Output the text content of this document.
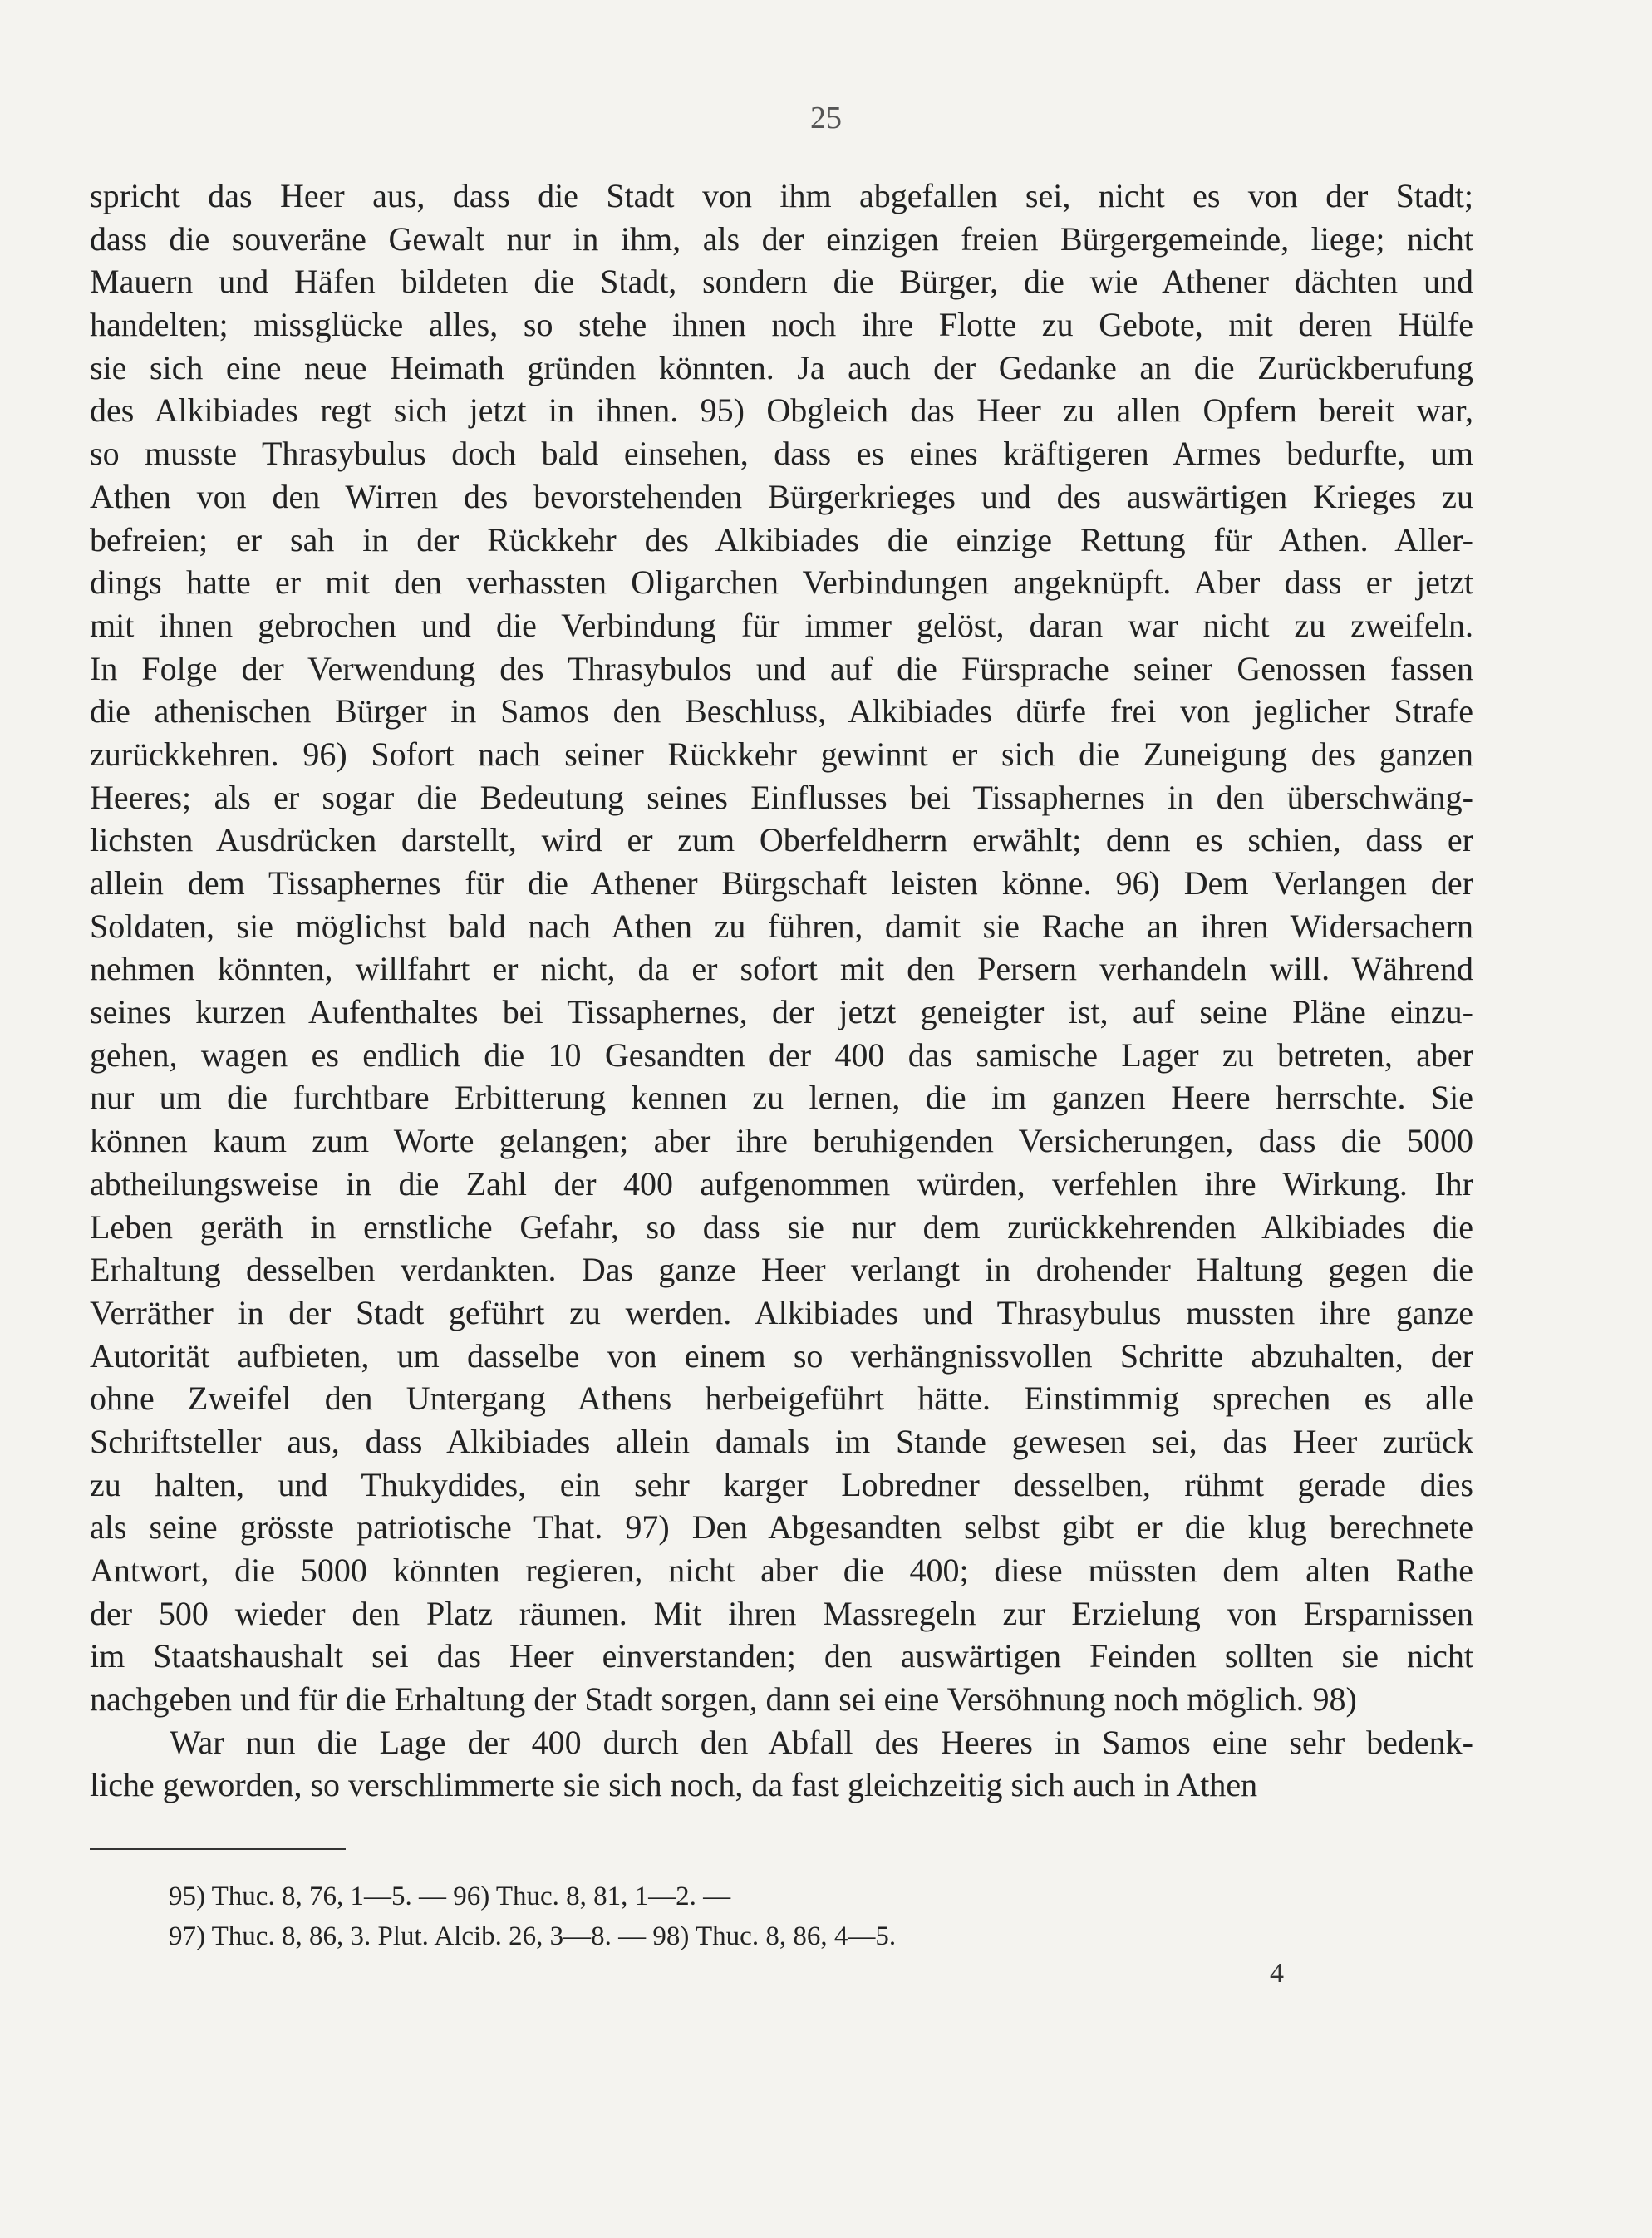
25
spricht das Heer aus, dass die Stadt von ihm abgefallen sei, nicht es von der Stadt;
dass die souveräne Gewalt nur in ihm, als der einzigen freien Bürgergemeinde, liege; nicht
Mauern und Häfen bildeten die Stadt, sondern die Bürger, die wie Athener dächten und
handelten; missglücke alles, so stehe ihnen noch ihre Flotte zu Gebote, mit deren Hülfe
sie sich eine neue Heimath gründen könnten. Ja auch der Gedanke an die Zurückberufung
des Alkibiades regt sich jetzt in ihnen. 95) Obgleich das Heer zu allen Opfern bereit war,
so musste Thrasybulus doch bald einsehen, dass es eines kräftigeren Armes bedurfte, um
Athen von den Wirren des bevorstehenden Bürgerkrieges und des auswärtigen Krieges zu
befreien; er sah in der Rückkehr des Alkibiades die einzige Rettung für Athen. Aller-
dings hatte er mit den verhassten Oligarchen Verbindungen angeknüpft. Aber dass er jetzt
mit ihnen gebrochen und die Verbindung für immer gelöst, daran war nicht zu zweifeln.
In Folge der Verwendung des Thrasybulos und auf die Fürsprache seiner Genossen fassen
die athenischen Bürger in Samos den Beschluss, Alkibiades dürfe frei von jeglicher Strafe
zurückkehren. 96) Sofort nach seiner Rückkehr gewinnt er sich die Zuneigung des ganzen
Heeres; als er sogar die Bedeutung seines Einflusses bei Tissaphernes in den überschwäng-
lichsten Ausdrücken darstellt, wird er zum Oberfeldherrn erwählt; denn es schien, dass er
allein dem Tissaphernes für die Athener Bürgschaft leisten könne. 96) Dem Verlangen der
Soldaten, sie möglichst bald nach Athen zu führen, damit sie Rache an ihren Widersachern
nehmen könnten, willfahrt er nicht, da er sofort mit den Persern verhandeln will. Während
seines kurzen Aufenthaltes bei Tissaphernes, der jetzt geneigter ist, auf seine Pläne einzu-
gehen, wagen es endlich die 10 Gesandten der 400 das samische Lager zu betreten, aber
nur um die furchtbare Erbitterung kennen zu lernen, die im ganzen Heere herrschte. Sie
können kaum zum Worte gelangen; aber ihre beruhigenden Versicherungen, dass die 5000
abtheilungsweise in die Zahl der 400 aufgenommen würden, verfehlen ihre Wirkung. Ihr
Leben geräth in ernstliche Gefahr, so dass sie nur dem zurückkehrenden Alkibiades die
Erhaltung desselben verdankten. Das ganze Heer verlangt in drohender Haltung gegen die
Verräther in der Stadt geführt zu werden. Alkibiades und Thrasybulus mussten ihre ganze
Autorität aufbieten, um dasselbe von einem so verhängnissvollen Schritte abzuhalten, der
ohne Zweifel den Untergang Athens herbeigeführt hätte. Einstimmig sprechen es alle
Schriftsteller aus, dass Alkibiades allein damals im Stande gewesen sei, das Heer zurück
zu halten, und Thukydides, ein sehr karger Lobredner desselben, rühmt gerade dies
als seine grösste patriotische That. 97) Den Abgesandten selbst gibt er die klug berechnete
Antwort, die 5000 könnten regieren, nicht aber die 400; diese müssten dem alten Rathe
der 500 wieder den Platz räumen. Mit ihren Massregeln zur Erzielung von Ersparnissen
im Staatshaushalt sei das Heer einverstanden; den auswärtigen Feinden sollten sie nicht
nachgeben und für die Erhaltung der Stadt sorgen, dann sei eine Versöhnung noch möglich. 98)
War nun die Lage der 400 durch den Abfall des Heeres in Samos eine sehr bedenk-
liche geworden, so verschlimmerte sie sich noch, da fast gleichzeitig sich auch in Athen
95) Thuc. 8, 76, 1—5. — 96) Thuc. 8, 81, 1—2. —
97) Thuc. 8, 86, 3. Plut. Alcib. 26, 3—8. — 98) Thuc. 8, 86, 4—5.
4
